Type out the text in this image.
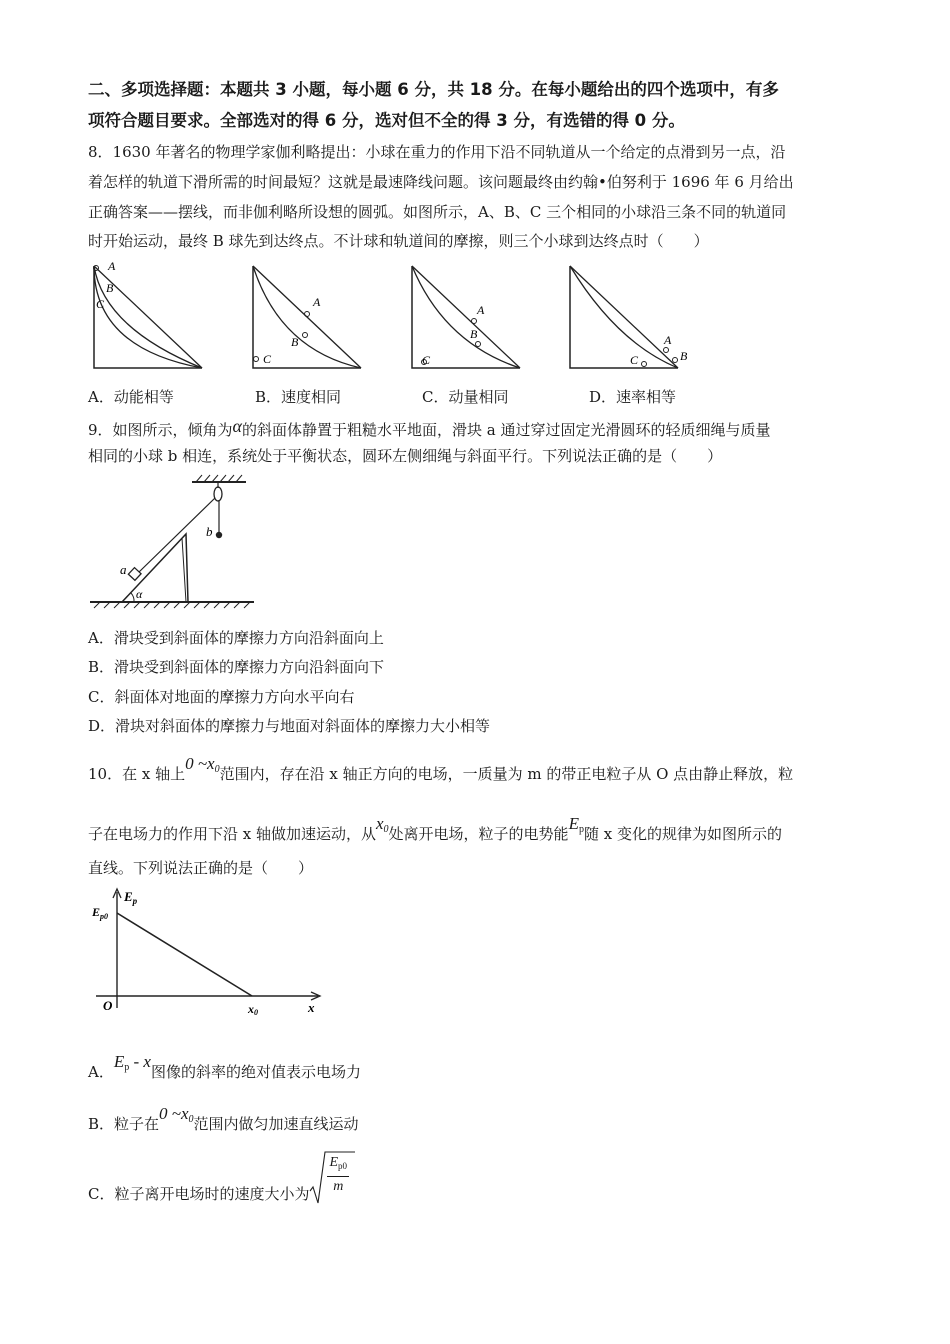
二、多项选择题：本题共 3 小题，每小题 6 分，共 18 分。在每小题给出的四个选项中，有多
项符合题目要求。全部选对的得 6 分，选对但不全的得 3 分，有选错的得 0 分。
8．1630 年著名的物理学家伽利略提出：小球在重力的作用下沿不同轨道从一个给定的点滑到另一点，沿
着怎样的轨道下滑所需的时间最短？这就是最速降线问题。该问题最终由约翰•伯努利于 1696 年 6 月给出
正确答案——摆线，而非伽利略所设想的圆弧。如图所示，A、B、C 三个相同的小球沿三条不同的轨道同
时开始运动，最终 B 球先到达终点。不计球和轨道间的摩擦，则三个小球到达终点时（　　）
A
B
C	A
B
C
A
B
C
A
B
C
A．动能相等	B．速度相同	C．动量相同	D．速率相等
9．如图所示，倾角为α的斜面体静置于粗糙水平地面，滑块 a 通过穿过固定光滑圆环的轻质细绳与质量
相同的小球 b 相连，系统处于平衡状态，圆环左侧细绳与斜面平行。下列说法正确的是（　　）
b
a
α
A．滑块受到斜面体的摩擦力方向沿斜面向上
B．滑块受到斜面体的摩擦力方向沿斜面向下
C．斜面体对地面的摩擦力方向水平向右
D．滑块对斜面体的摩擦力与地面对斜面体的摩擦力大小相等
10．在 x 轴上0 $\sim x_0$范围内，存在沿 x 轴正方向的电场，一质量为 m 的带正电粒子从 O 点由静止释放，粒
子在电场力的作用下沿 x 轴做加速运动，从$x_0$处离开电场，粒子的电势能$E_p$随 x 变化的规律为如图所示的
直线。下列说法正确的是（　　）
$E_p$
$E_{p0}$
O	x0	x
A．$E_p$ - x图像的斜率的绝对值表示电场力
B．粒子在0 $\sim x_0$范围内做匀加速直线运动
C．粒子离开电场时的速度大小为 $\frac{E_{p0}}{m}$
